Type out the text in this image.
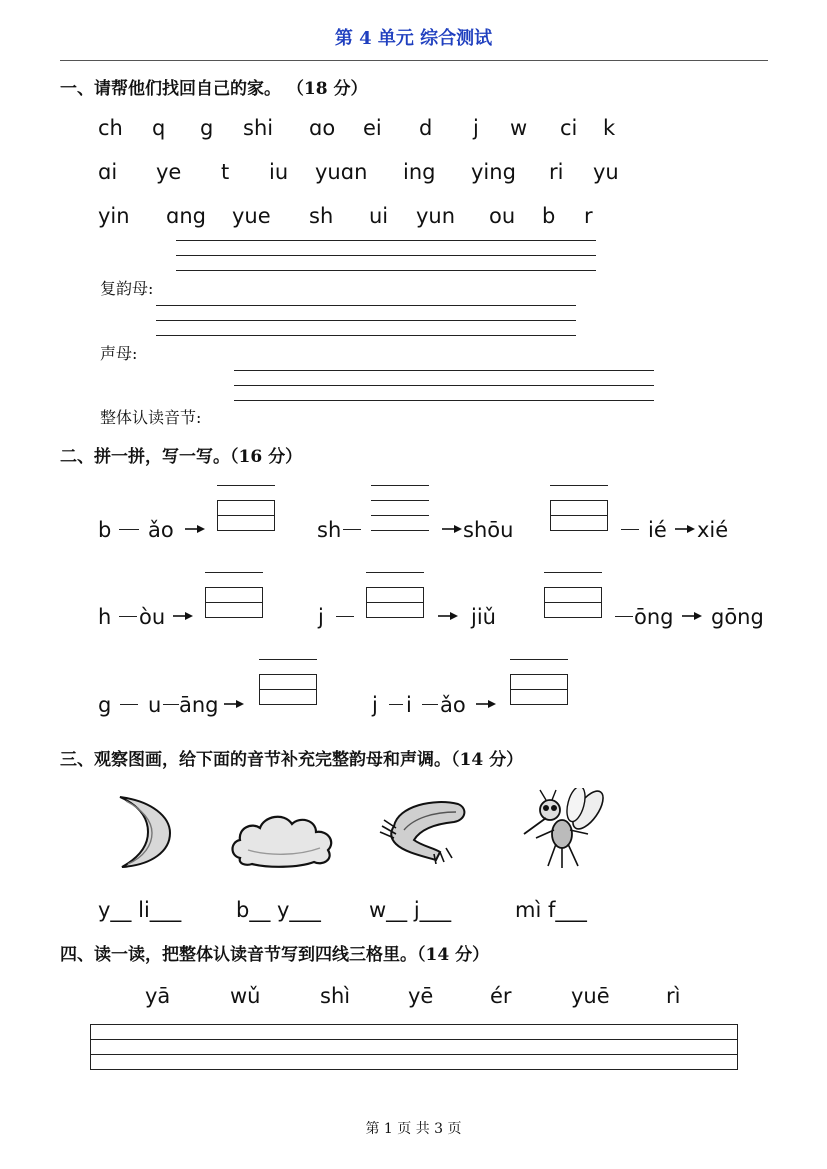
第 4 单元 综合测试
一、请帮他们找回自己的家。 （18 分）
ch q g shi ɑo ei d j w ci k
ɑi ye t iu yuɑn ing ying ri yu
yin ɑng yue sh ui yun ou b r
复韵母:
声母:
整体认读音节:
二、拼一拼，写一写。（16 分）
b ǎo	sh	shōu	ié xié
h òu	j	jiǔ	ōng gōng
g u āng	j i ǎo
三、观察图画，给下面的音节补充完整韵母和声调。（14 分）
y__ li___	b__ y___ w__ j___	mì f___
四、读一读，把整体认读音节写到四线三格里。（14 分）
yā	wǔ	shì	yē	ér	yuē	rì
第 1 页 共 3 页
